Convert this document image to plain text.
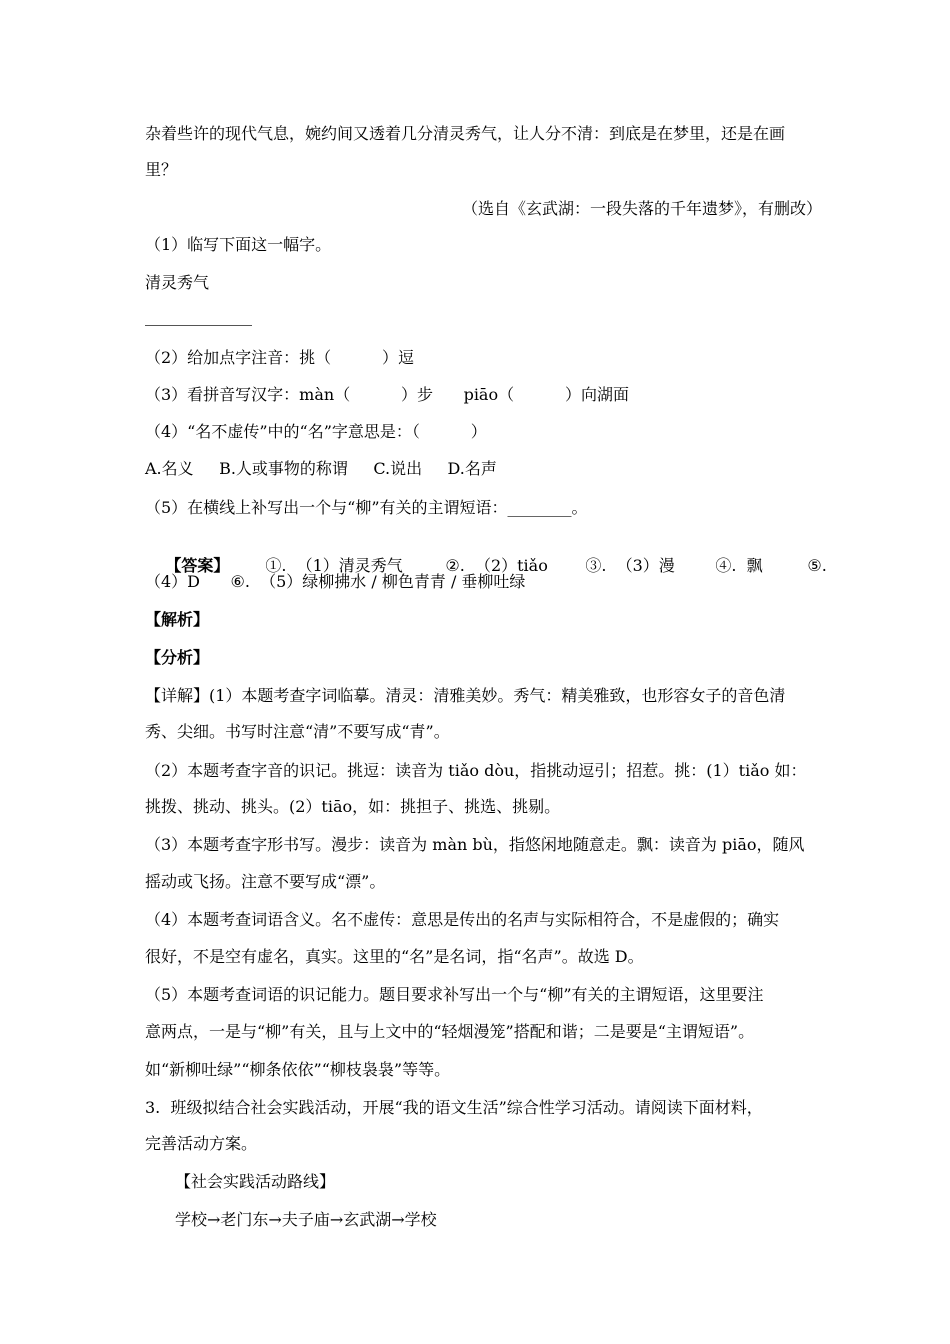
杂着些许的现代气息，婉约间又透着几分清灵秀气，让人分不清：到底是在梦里，还是在画
里？
（选自《玄武湖：一段失落的千年遗梦》，有删改）
（1）临写下面这一幅字。
清灵秀气
（2）给加点字注音：挑（          ）逗
（3）看拼音写汉字：màn（          ）步      piāo（          ）向湖面
（4）“名不虚传”中的“名”字意思是：（          ）
A.名义     B.人或事物的称谓     C.说出     D.名声
（5）在横线上补写出一个与“柳”有关的主谓短语：________。

【答案】 ①.  （1）清灵秀气	②.  （2）tiǎo ③.  （3）漫	④.  飘	⑤.

（4）D      ⑥.  （5）绿柳拂水 / 柳色青青 / 垂柳吐绿
【解析】
【分析】
【详解】(1）本题考查字词临摹。清灵：清雅美妙。秀气：精美雅致，也形容女子的音色清
秀、尖细。书写时注意“清”不要写成“青”。
（2）本题考查字音的识记。挑逗：读音为 tiǎo dòu，指挑动逗引；招惹。挑：(1）tiǎo 如：
挑拨、挑动、挑头。(2）tiāo，如：挑担子、挑选、挑剔。
（3）本题考查字形书写。漫步：读音为 màn bù，指悠闲地随意走。飘：读音为 piāo，随风
摇动或飞扬。注意不要写成“漂”。
（4）本题考查词语含义。名不虚传：意思是传出的名声与实际相符合，不是虚假的；确实
很好，不是空有虚名，真实。这里的“名”是名词，指“名声”。故选 D。
（5）本题考查词语的识记能力。题目要求补写出一个与“柳”有关的主谓短语，这里要注
意两点，一是与“柳”有关，且与上文中的“轻烟漫笼”搭配和谐；二是要是“主谓短语”。
如“新柳吐绿”“柳条依依”“柳枝袅袅”等等。
3.  班级拟结合社会实践活动，开展“我的语文生活”综合性学习活动。请阅读下面材料，
完善活动方案。
【社会实践活动路线】
学校→老门东→夫子庙→玄武湖→学校
